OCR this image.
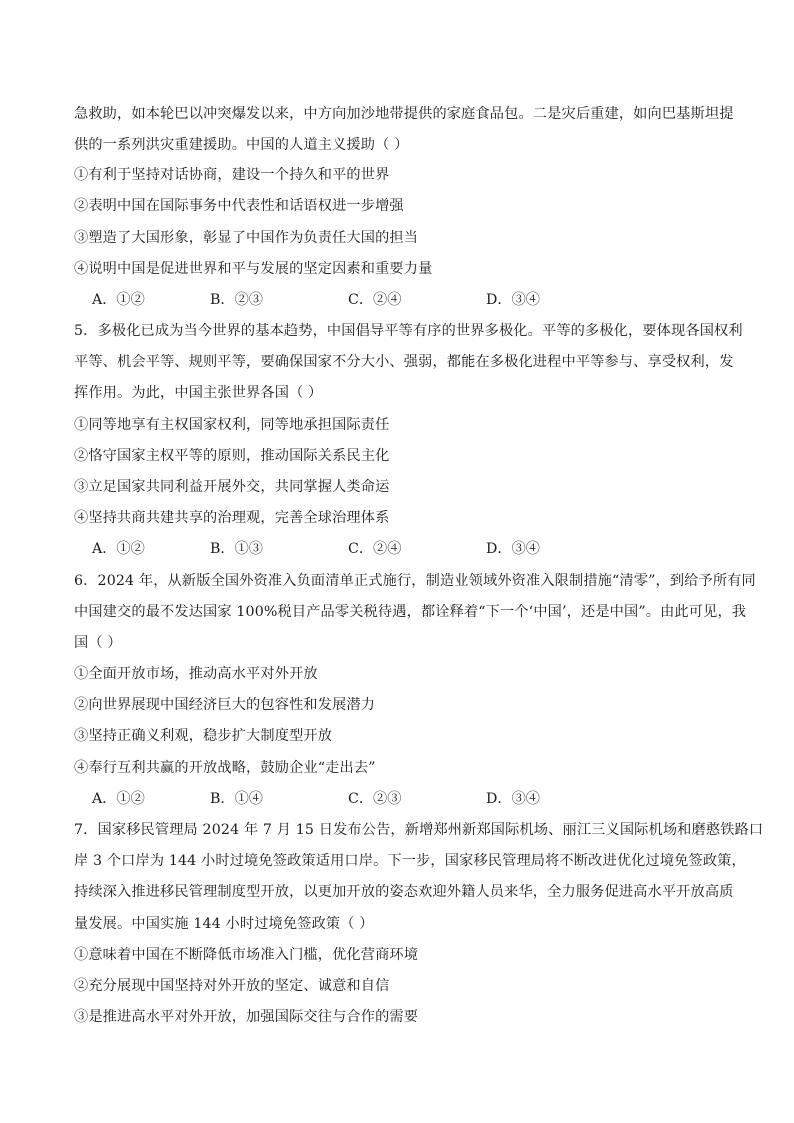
急救助，如本轮巴以冲突爆发以来，中方向加沙地带提供的家庭食品包。二是灾后重建，如向巴基斯坦提
供的一系列洪灾重建援助。中国的人道主义援助（ ）
①有利于坚持对话协商，建设一个持久和平的世界
②表明中国在国际事务中代表性和话语权进一步增强
③塑造了大国形象，彰显了中国作为负责任大国的担当
④说明中国是促进世界和平与发展的坚定因素和重要力量
A．①②	B．②③	C．②④	D．③④
5．多极化已成为当今世界的基本趋势，中国倡导平等有序的世界多极化。平等的多极化，要体现各国权利
平等、机会平等、规则平等，要确保国家不分大小、强弱，都能在多极化进程中平等参与、享受权利，发
挥作用。为此，中国主张世界各国（ ）
①同等地享有主权国家权利，同等地承担国际责任
②恪守国家主权平等的原则，推动国际关系民主化
③立足国家共同利益开展外交，共同掌握人类命运
④坚持共商共建共享的治理观，完善全球治理体系
A．①②	B．①③	C．②④	D．③④
6．2024 年，从新版全国外资准入负面清单正式施行，制造业领域外资准入限制措施“清零”，到给予所有同
中国建交的最不发达国家 100%税目产品零关税待遇，都诠释着“下一个‘中国’，还是中国”。由此可见，我
国（ ）
①全面开放市场，推动高水平对外开放
②向世界展现中国经济巨大的包容性和发展潜力
③坚持正确义利观，稳步扩大制度型开放
④奉行互利共赢的开放战略，鼓励企业“走出去”
A．①②	B．①④	C．②③	D．③④
7．国家移民管理局 2024 年 7 月 15 日发布公告，新增郑州新郑国际机场、丽江三义国际机场和磨憨铁路口
岸 3 个口岸为 144 小时过境免签政策适用口岸。下一步，国家移民管理局将不断改进优化过境免签政策，
持续深入推进移民管理制度型开放，以更加开放的姿态欢迎外籍人员来华，全力服务促进高水平开放高质
量发展。中国实施 144 小时过境免签政策（ ）
①意味着中国在不断降低市场准入门槛，优化营商环境
②充分展现中国坚持对外开放的坚定、诚意和自信
③是推进高水平对外开放，加强国际交往与合作的需要
